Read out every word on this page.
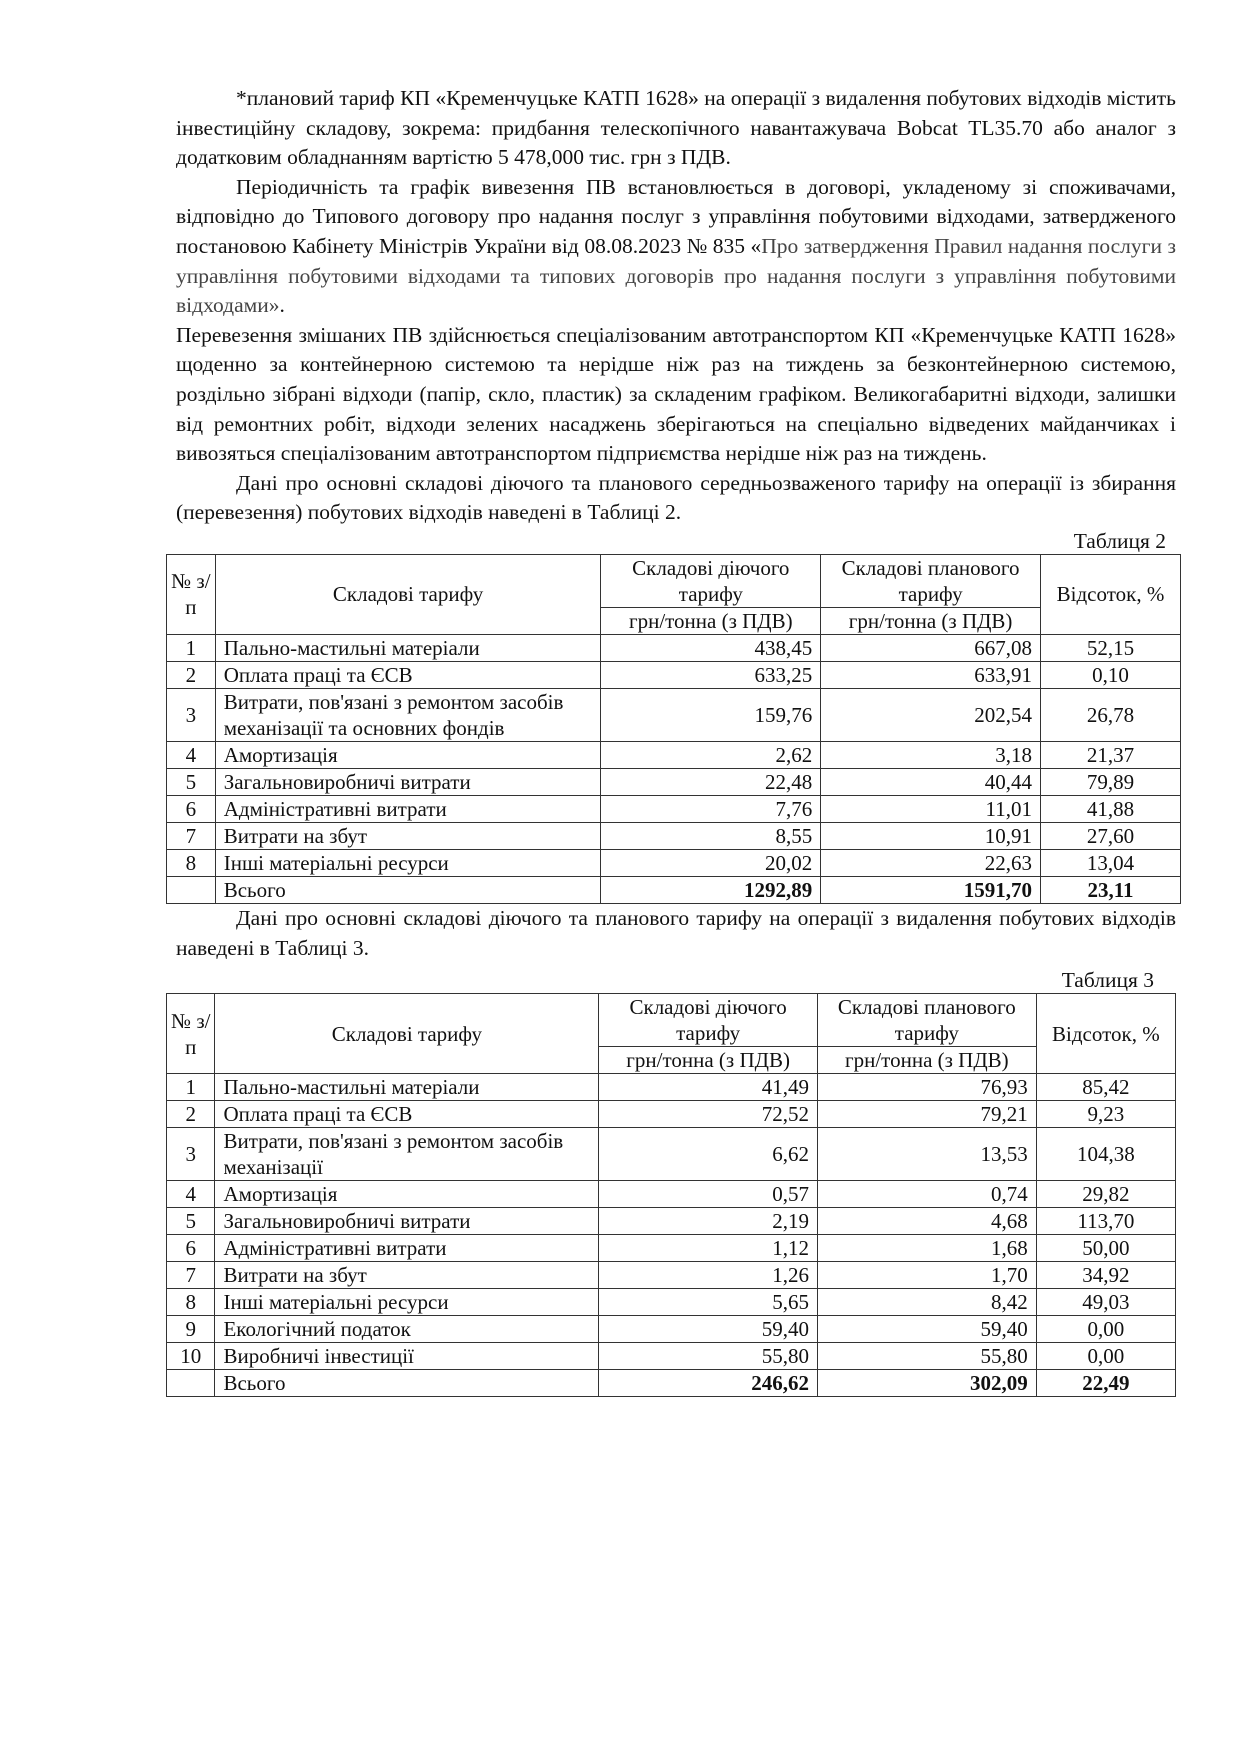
*плановий тариф КП «Кременчуцьке КАТП 1628» на операції з видалення побутових відходів містить інвестиційну складову, зокрема: придбання телескопічного навантажувача Bobcat TL35.70 або аналог з додатковим обладнанням вартістю 5 478,000 тис. грн з ПДВ.

Періодичність та графік вивезення ПВ встановлюється в договорі, укладеному зі споживачами, відповідно до Типового договору про надання послуг з управління побутовими відходами, затвердженого постановою Кабінету Міністрів України від 08.08.2023 № 835 «Про затвердження Правил надання послуги з управління побутовими відходами та типових договорів про надання послуги з управління побутовими відходами».

Перевезення змішаних ПВ здійснюється спеціалізованим автотранспортом КП «Кременчуцьке КАТП 1628» щоденно за контейнерною системою та нерідше ніж раз на тиждень за безконтейнерною системою, роздільно зібрані відходи (папір, скло, пластик) за складеним графіком. Великогабаритні відходи, залишки від ремонтних робіт, відходи зелених насаджень зберігаються на спеціально відведених майданчиках і вивозяться спеціалізованим автотранспортом підприємства нерідше ніж раз на тиждень.

Дані про основні складові діючого та планового середньозваженого тарифу на операції із збирання (перевезення) побутових відходів наведені в Таблиці 2.

Таблиця 2
№ з/п	Складові тарифу	Складові діючого тарифу	Складові планового тарифу	Відсоток, %
		грн/тонна (з ПДВ)	грн/тонна (з ПДВ)	
1	Пально-мастильні матеріали	438,45	667,08	52,15
2	Оплата праці та ЄСВ	633,25	633,91	0,10
3	Витрати, пов'язані з ремонтом засобів механізації та основних фондів	159,76	202,54	26,78
4	Амортизація	2,62	3,18	21,37
5	Загальновиробничі витрати	22,48	40,44	79,89
6	Адміністративні витрати	7,76	11,01	41,88
7	Витрати на збут	8,55	10,91	27,60
8	Інші матеріальні ресурси	20,02	22,63	13,04
	Всього	1292,89	1591,70	23,11

Дані про основні складові діючого та планового тарифу на операції з видалення побутових відходів наведені в Таблиці 3.

Таблиця 3
№ з/п	Складові тарифу	Складові діючого тарифу	Складові планового тарифу	Відсоток, %
		грн/тонна (з ПДВ)	грн/тонна (з ПДВ)	
1	Пально-мастильні матеріали	41,49	76,93	85,42
2	Оплата праці та ЄСВ	72,52	79,21	9,23
3	Витрати, пов'язані з ремонтом засобів механізації	6,62	13,53	104,38
4	Амортизація	0,57	0,74	29,82
5	Загальновиробничі витрати	2,19	4,68	113,70
6	Адміністративні витрати	1,12	1,68	50,00
7	Витрати на збут	1,26	1,70	34,92
8	Інші матеріальні ресурси	5,65	8,42	49,03
9	Екологічний податок	59,40	59,40	0,00
10	Виробничі інвестиції	55,80	55,80	0,00
	Всього	246,62	302,09	22,49
